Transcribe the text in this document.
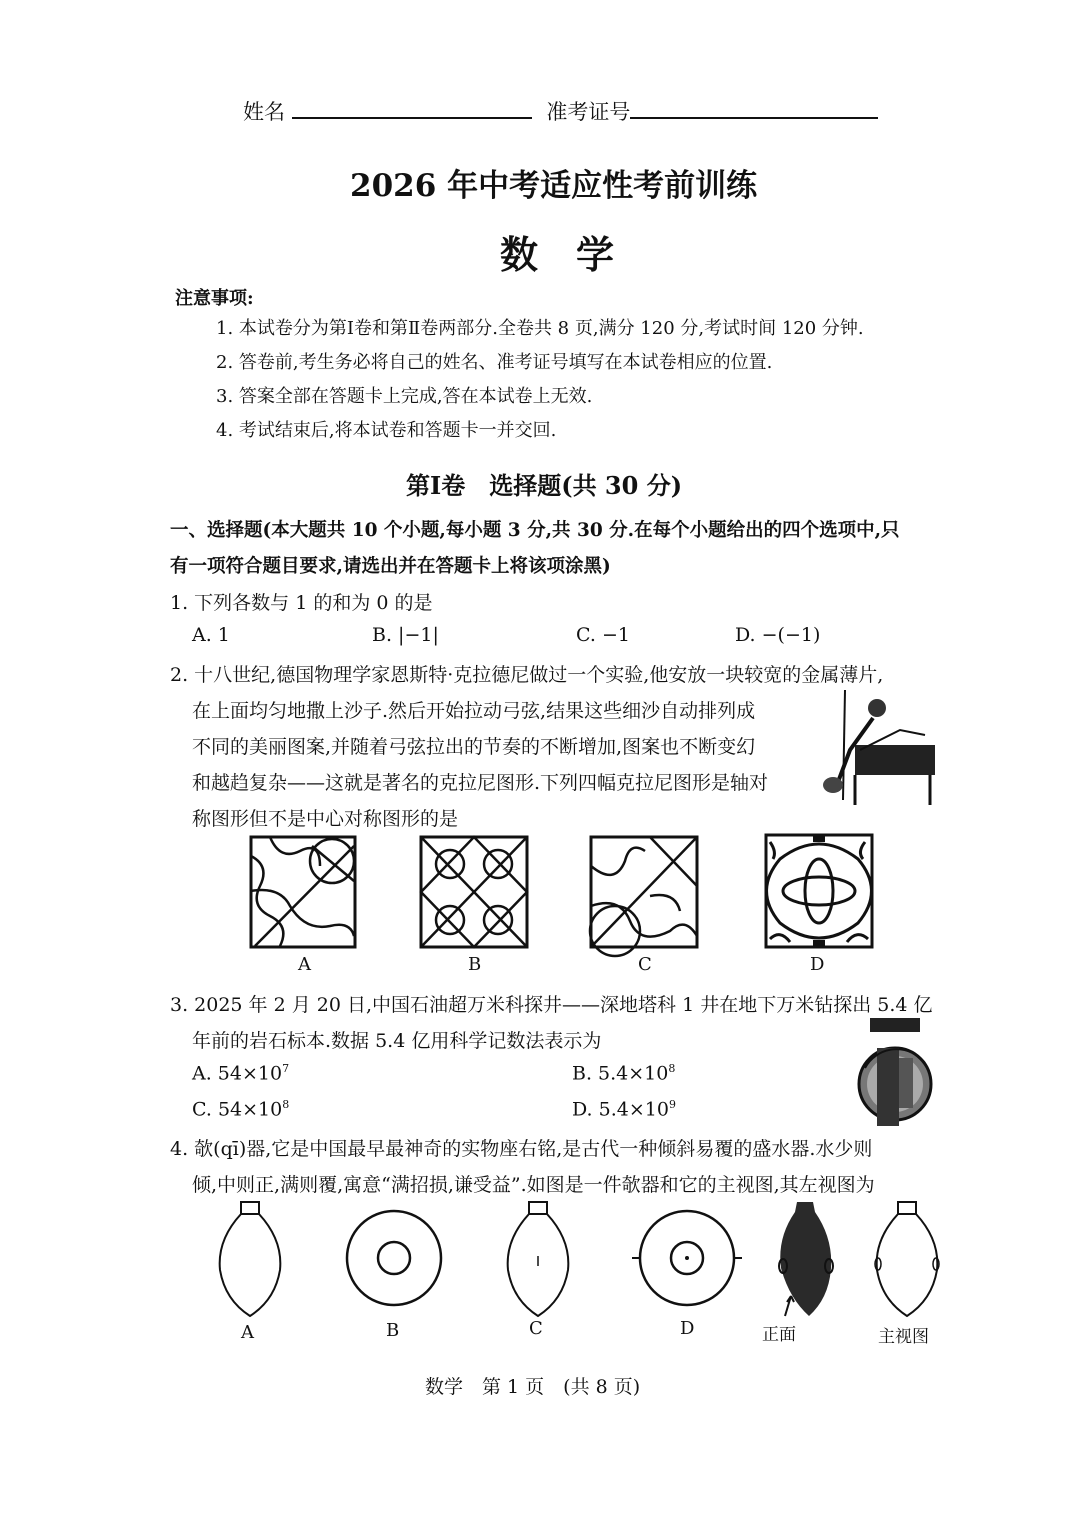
姓名	准考证号
2026 年中考适应性考前训练
数　学
注意事项:
1. 本试卷分为第Ⅰ卷和第Ⅱ卷两部分.全卷共 8 页,满分 120 分,考试时间 120 分钟.
2. 答卷前,考生务必将自己的姓名、准考证号填写在本试卷相应的位置.
3. 答案全部在答题卡上完成,答在本试卷上无效.
4. 考试结束后,将本试卷和答题卡一并交回.
第Ⅰ卷　选择题(共 30 分)
一、选择题(本大题共 10 个小题,每小题 3 分,共 30 分.在每个小题给出的四个选项中,只
有一项符合题目要求,请选出并在答题卡上将该项涂黑)
1. 下列各数与 1 的和为 0 的是
A. 1	B. |−1|	C. −1	D. −(−1)
2. 十八世纪,德国物理学家恩斯特·克拉德尼做过一个实验,他安放一块较宽的金属薄片,
在上面均匀地撒上沙子.然后开始拉动弓弦,结果这些细沙自动排列成
不同的美丽图案,并随着弓弦拉出的节奏的不断增加,图案也不断变幻
和越趋复杂——这就是著名的克拉尼图形.下列四幅克拉尼图形是轴对
称图形但不是中心对称图形的是
A	B	C	D
3. 2025 年 2 月 20 日,中国石油超万米科探井——深地塔科 1 井在地下万米钻探出 5.4 亿
年前的岩石标本.数据 5.4 亿用科学记数法表示为
A. $54\times 10^7$	B. $5.4\times 10^8$
C. $54\times 10^8$	D. $5.4\times 10^9$
4. 欹(qī)器,它是中国最早最神奇的实物座右铭,是古代一种倾斜易覆的盛水器.水少则
倾,中则正,满则覆,寓意“满招损,谦受益”.如图是一件欹器和它的主视图,其左视图为
A	B	C	D	正面	主视图
数学　第 1 页　(共 8 页)
